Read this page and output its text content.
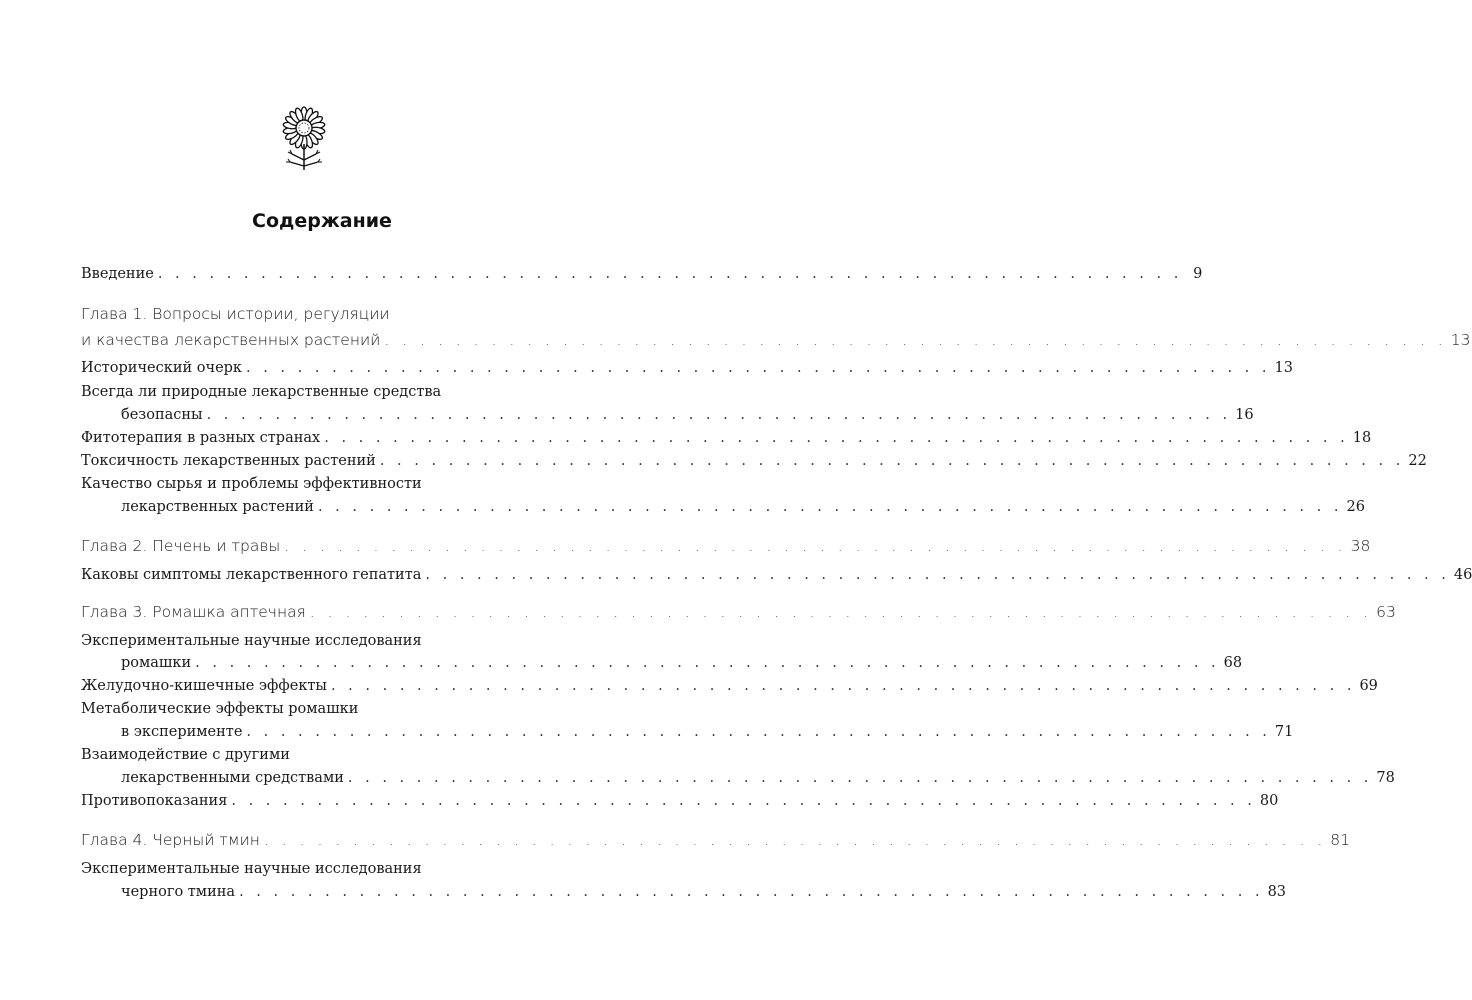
Содержание
Введение . . . . . . . . . . . . . . . . . . . . . . . . . . . . . . . . . . . . . . . . . . . . . . . . . . . . . . . . . . . . 9
Глава 1. Вопросы истории, регуляции
и качества лекарственных растений . . . . . . . . . . . . . . . . . . . . . . . . . . . . . . . . . . . . . . . . . . . . . . . . . . . . . . . . . . . . 13
Исторический очерк . . . . . . . . . . . . . . . . . . . . . . . . . . . . . . . . . . . . . . . . . . . . . . . . . . . . . . . . . . . . 13
Всегда ли природные лекарственные средства
безопасны . . . . . . . . . . . . . . . . . . . . . . . . . . . . . . . . . . . . . . . . . . . . . . . . . . . . . . . . . . . . 16
Фитотерапия в разных странах . . . . . . . . . . . . . . . . . . . . . . . . . . . . . . . . . . . . . . . . . . . . . . . . . . . . . . . . . . . . 18
Токсичность лекарственных растений . . . . . . . . . . . . . . . . . . . . . . . . . . . . . . . . . . . . . . . . . . . . . . . . . . . . . . . . . . . . 22
Качество сырья и проблемы эффективности
лекарственных растений . . . . . . . . . . . . . . . . . . . . . . . . . . . . . . . . . . . . . . . . . . . . . . . . . . . . . . . . . . . . 26
Глава 2. Печень и травы . . . . . . . . . . . . . . . . . . . . . . . . . . . . . . . . . . . . . . . . . . . . . . . . . . . . . . . . . . . . 38
Каковы симптомы лекарственного гепатита . . . . . . . . . . . . . . . . . . . . . . . . . . . . . . . . . . . . . . . . . . . . . . . . . . . . . . . . . . . . 46
Глава 3. Ромашка аптечная . . . . . . . . . . . . . . . . . . . . . . . . . . . . . . . . . . . . . . . . . . . . . . . . . . . . . . . . . . . . 63
Экспериментальные научные исследования
ромашки . . . . . . . . . . . . . . . . . . . . . . . . . . . . . . . . . . . . . . . . . . . . . . . . . . . . . . . . . . . . 68
Желудочно-кишечные эффекты . . . . . . . . . . . . . . . . . . . . . . . . . . . . . . . . . . . . . . . . . . . . . . . . . . . . . . . . . . . . 69
Метаболические эффекты ромашки
в эксперименте . . . . . . . . . . . . . . . . . . . . . . . . . . . . . . . . . . . . . . . . . . . . . . . . . . . . . . . . . . . . 71
Взаимодействие с другими
лекарственными средствами . . . . . . . . . . . . . . . . . . . . . . . . . . . . . . . . . . . . . . . . . . . . . . . . . . . . . . . . . . . . 78
Противопоказания . . . . . . . . . . . . . . . . . . . . . . . . . . . . . . . . . . . . . . . . . . . . . . . . . . . . . . . . . . . . 80
Глава 4. Черный тмин . . . . . . . . . . . . . . . . . . . . . . . . . . . . . . . . . . . . . . . . . . . . . . . . . . . . . . . . . . . . 81
Экспериментальные научные исследования
черного тмина . . . . . . . . . . . . . . . . . . . . . . . . . . . . . . . . . . . . . . . . . . . . . . . . . . . . . . . . . . . . 83
